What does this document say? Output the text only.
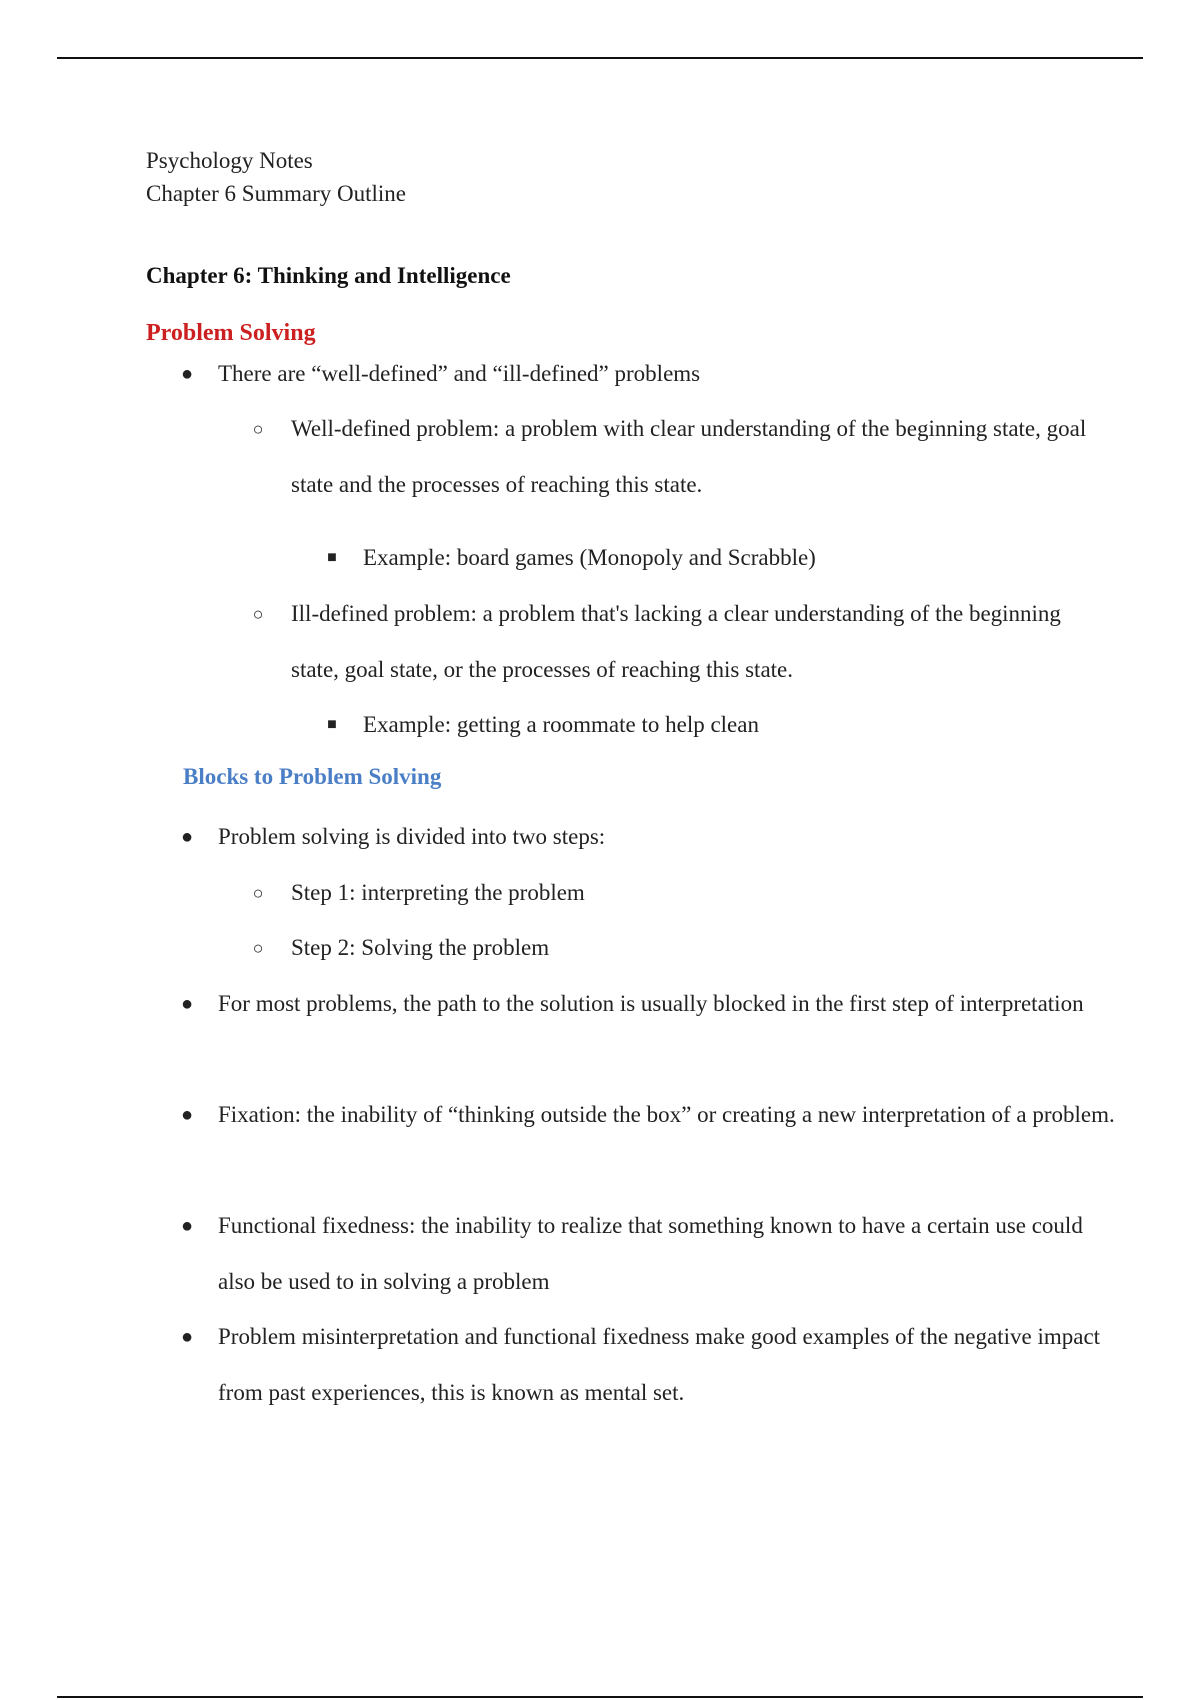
Psychology Notes
Chapter 6 Summary Outline
Chapter 6: Thinking and Intelligence
Problem Solving
● There are “well-defined” and “ill-defined” problems
○ Well-defined problem: a problem with clear understanding of the beginning state, goal state and the processes of reaching this state.
■ Example: board games (Monopoly and Scrabble)
○ Ill-defined problem: a problem that's lacking a clear understanding of the beginning state, goal state, or the processes of reaching this state.
■ Example: getting a roommate to help clean
Blocks to Problem Solving
● Problem solving is divided into two steps:
○ Step 1: interpreting the problem
○ Step 2: Solving the problem
● For most problems, the path to the solution is usually blocked in the first step of interpretation
● Fixation: the inability of “thinking outside the box” or creating a new interpretation of a problem.
● Functional fixedness: the inability to realize that something known to have a certain use could also be used to in solving a problem
● Problem misinterpretation and functional fixedness make good examples of the negative impact from past experiences, this is known as mental set.
